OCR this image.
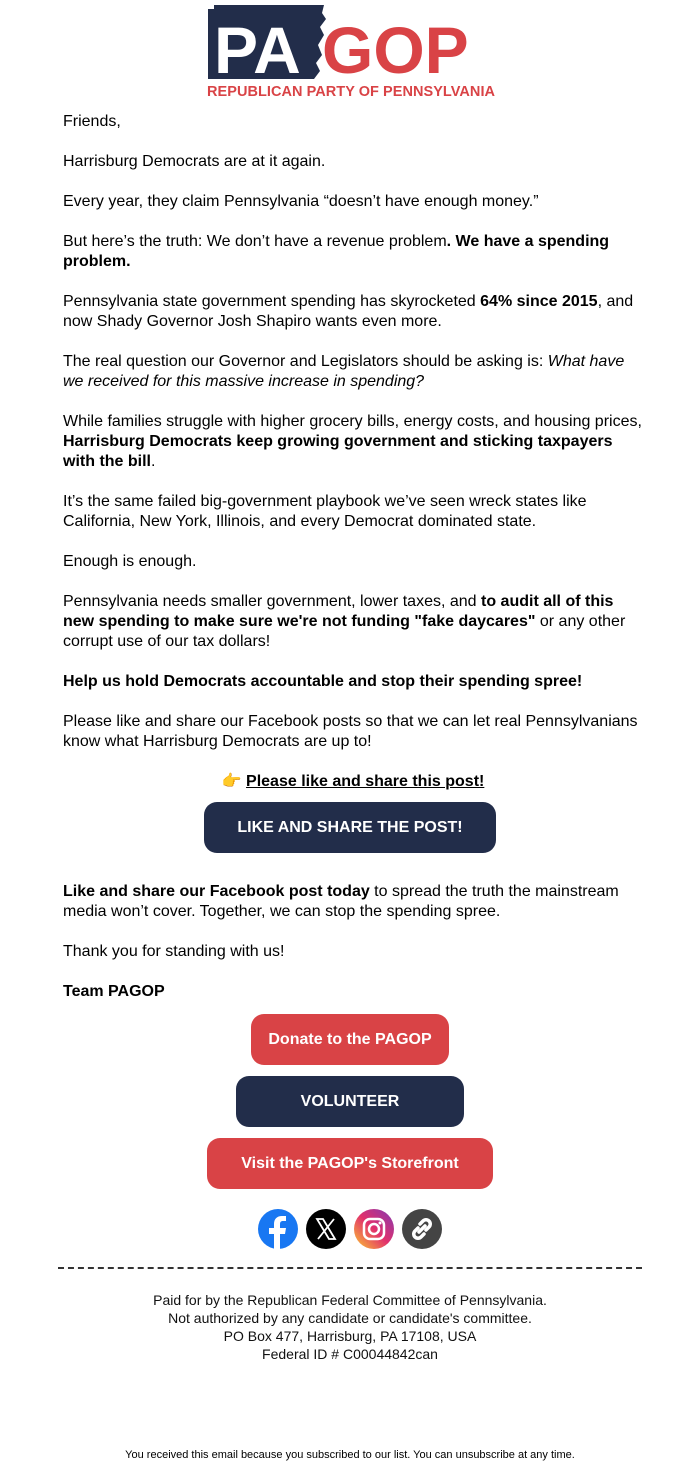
PA GOP
REPUBLICAN PARTY OF PENNSYLVANIA

Friends,

Harrisburg Democrats are at it again.

Every year, they claim Pennsylvania “doesn’t have enough money.”

But here’s the truth: We don’t have a revenue problem. We have a spending problem.

Pennsylvania state government spending has skyrocketed 64% since 2015, and now Shady Governor Josh Shapiro wants even more.

The real question our Governor and Legislators should be asking is: What have we received for this massive increase in spending?

While families struggle with higher grocery bills, energy costs, and housing prices, Harrisburg Democrats keep growing government and sticking taxpayers with the bill.

It’s the same failed big-government playbook we’ve seen wreck states like California, New York, Illinois, and every Democrat dominated state.

Enough is enough.

Pennsylvania needs smaller government, lower taxes, and to audit all of this new spending to make sure we're not funding "fake daycares" or any other corrupt use of our tax dollars!

Help us hold Democrats accountable and stop their spending spree!

Please like and share our Facebook posts so that we can let real Pennsylvanians know what Harrisburg Democrats are up to!

👉 Please like and share this post!

Like and share our Facebook post today to spread the truth the mainstream media won’t cover. Together, we can stop the spending spree.

Thank you for standing with us!

Team PAGOP

LIKE AND SHARE THE POST!
Donate to the PAGOP
VOLUNTEER
Visit the PAGOP's Storefront
Paid for by the Republican Federal Committee of Pennsylvania.
Not authorized by any candidate or candidate's committee.
PO Box 477, Harrisburg, PA 17108, USA
Federal ID # C00044842can
You received this email because you subscribed to our list. You can unsubscribe at any time.
